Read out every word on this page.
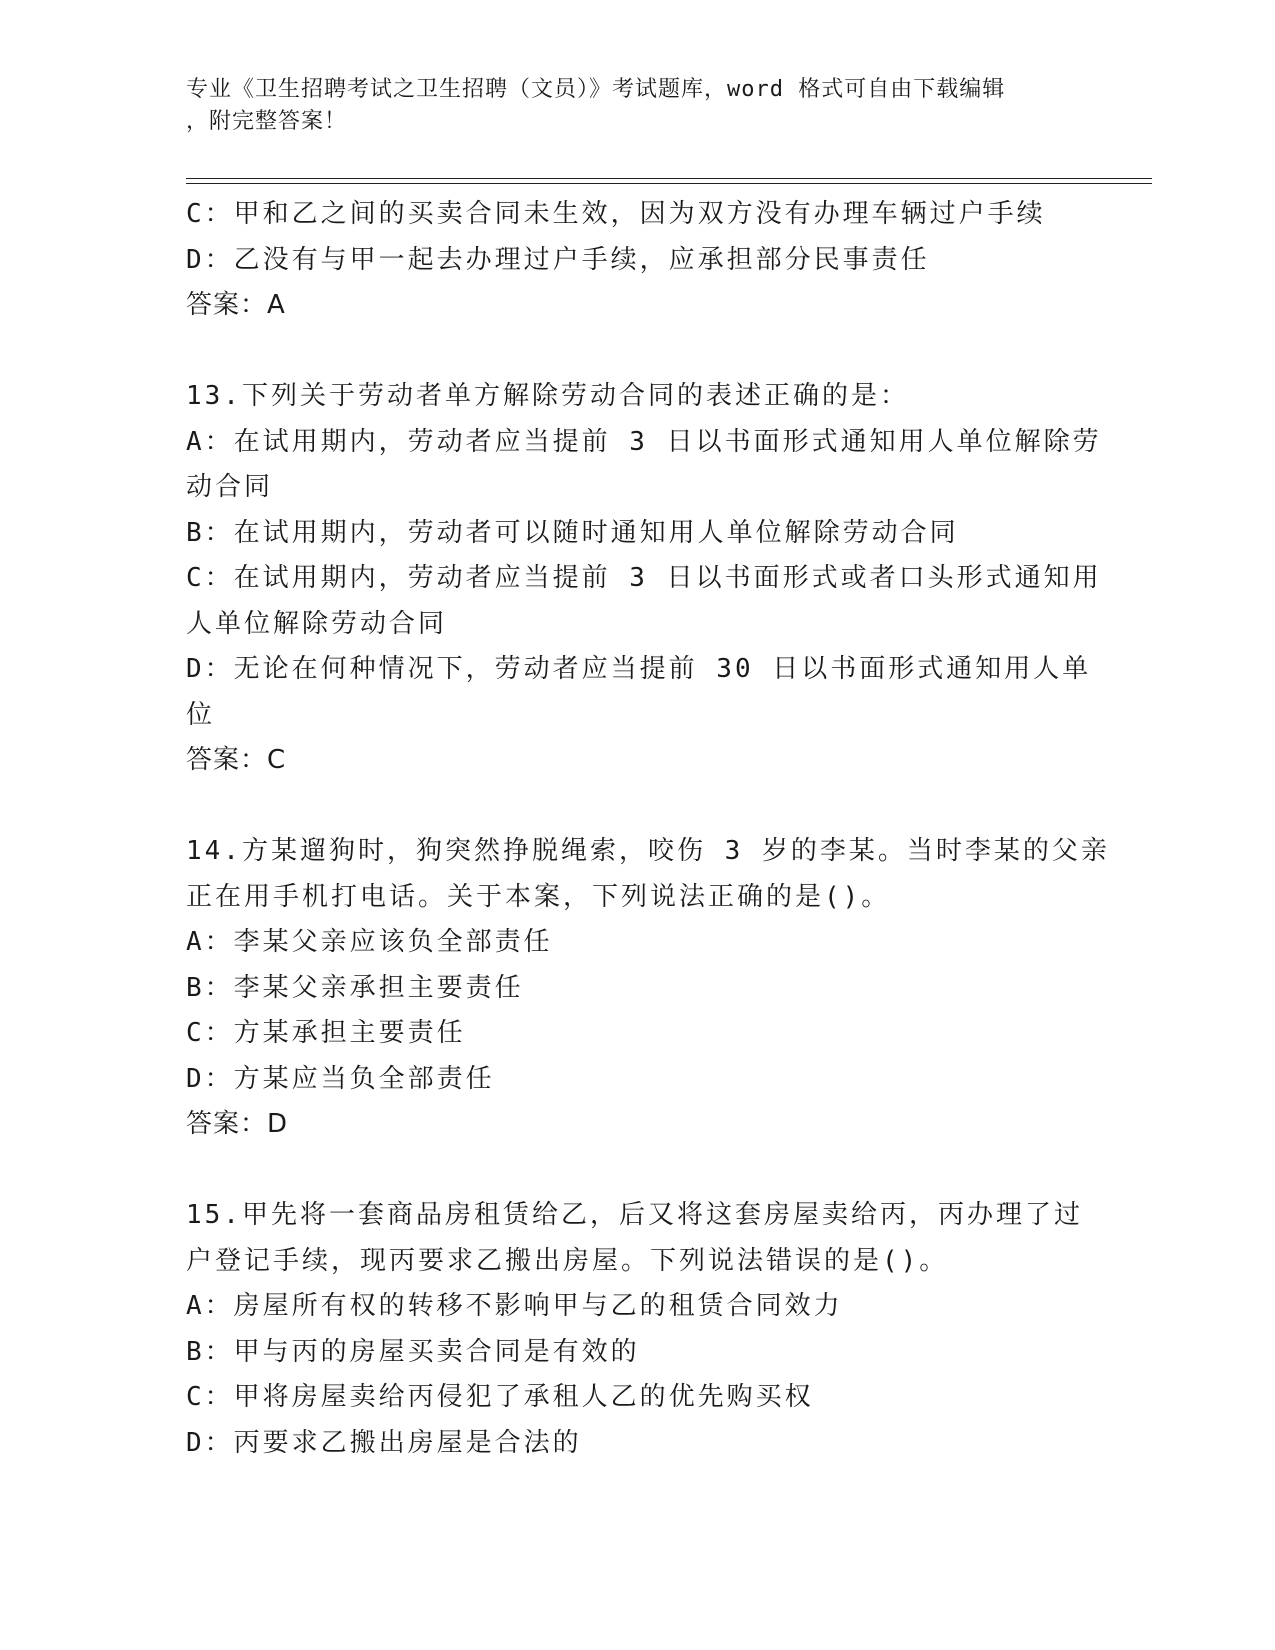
专业《卫生招聘考试之卫生招聘（文员）》考试题库，word 格式可自由下载编辑
，附完整答案！
C：甲和乙之间的买卖合同未生效，因为双方没有办理车辆过户手续
D：乙没有与甲一起去办理过户手续，应承担部分民事责任
答案：A
13.下列关于劳动者单方解除劳动合同的表述正确的是：
A：在试用期内，劳动者应当提前 3 日以书面形式通知用人单位解除劳
动合同
B：在试用期内，劳动者可以随时通知用人单位解除劳动合同
C：在试用期内，劳动者应当提前 3 日以书面形式或者口头形式通知用
人单位解除劳动合同
D：无论在何种情况下，劳动者应当提前 30 日以书面形式通知用人单
位
答案：C
14.方某遛狗时，狗突然挣脱绳索，咬伤 3 岁的李某。当时李某的父亲
正在用手机打电话。关于本案，下列说法正确的是()。
A：李某父亲应该负全部责任
B：李某父亲承担主要责任
C：方某承担主要责任
D：方某应当负全部责任
答案：D
15.甲先将一套商品房租赁给乙，后又将这套房屋卖给丙，丙办理了过
户登记手续，现丙要求乙搬出房屋。下列说法错误的是()。
A：房屋所有权的转移不影响甲与乙的租赁合同效力
B：甲与丙的房屋买卖合同是有效的
C：甲将房屋卖给丙侵犯了承租人乙的优先购买权
D：丙要求乙搬出房屋是合法的
